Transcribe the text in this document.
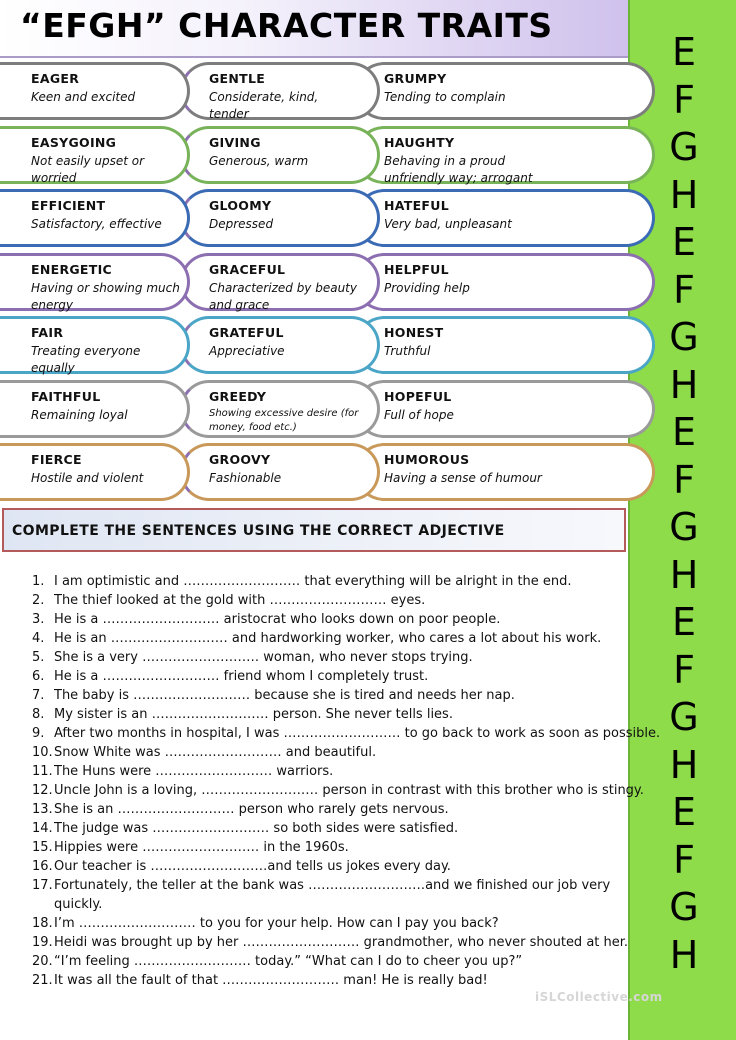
“EFGH” CHARACTER TRAITS
E
F
G
H
E
F
G
H
E
F
G
H
E
F
G
H
E
F
G
H
EAGER
Keen and excited
GENTLE
Considerate, kind, tender
GRUMPY
Tending to complain
EASYGOING
Not easily upset or worried
GIVING
Generous, warm
HAUGHTY
Behaving in a proud unfriendly way; arrogant
EFFICIENT
Satisfactory, effective
GLOOMY
Depressed
HATEFUL
Very bad, unpleasant
ENERGETIC
Having or showing much energy
GRACEFUL
Characterized by beauty and grace
HELPFUL
Providing help
FAIR
Treating everyone equally
GRATEFUL
Appreciative
HONEST
Truthful
FAITHFUL
Remaining loyal
GREEDY
Showing excessive desire (for money, food etc.)
HOPEFUL
Full of hope
FIERCE
Hostile and violent
GROOVY
Fashionable
HUMOROUS
Having a sense of humour
COMPLETE THE SENTENCES USING THE CORRECT ADJECTIVE
1. I am optimistic and ……………………… that everything will be alright in the end.
2. The thief looked at the gold with ……………………… eyes.
3. He is a ……………………… aristocrat who looks down on poor people.
4. He is an ……………………… and hardworking worker, who cares a lot about his work.
5. She is a very ……………………… woman, who never stops trying.
6. He is a ……………………… friend whom I completely trust.
7. The baby is ……………………… because she is tired and needs her nap.
8. My sister is an ……………………… person. She never tells lies.
9. After two months in hospital, I was ……………………… to go back to work as soon as possible.
10.Snow White was ……………………… and beautiful.
11.The Huns were ……………………… warriors.
12.Uncle John is a loving, ……………………… person in contrast with this brother who is stingy.
13.She is an ……………………… person who rarely gets nervous.
14.The judge was ……………………… so both sides were satisfied.
15.Hippies were ……………………… in the 1960s.
16.Our teacher is ………………………and tells us jokes every day.
17.Fortunately, the teller at the bank was ………………………and we finished our job very
quickly.
18.I’m ……………………… to you for your help. How can I pay you back?
19.Heidi was brought up by her ……………………… grandmother, who never shouted at her.
20.“I’m feeling ……………………… today.” “What can I do to cheer you up?”
21.It was all the fault of that ……………………… man! He is really bad!
iSLCollective.com
